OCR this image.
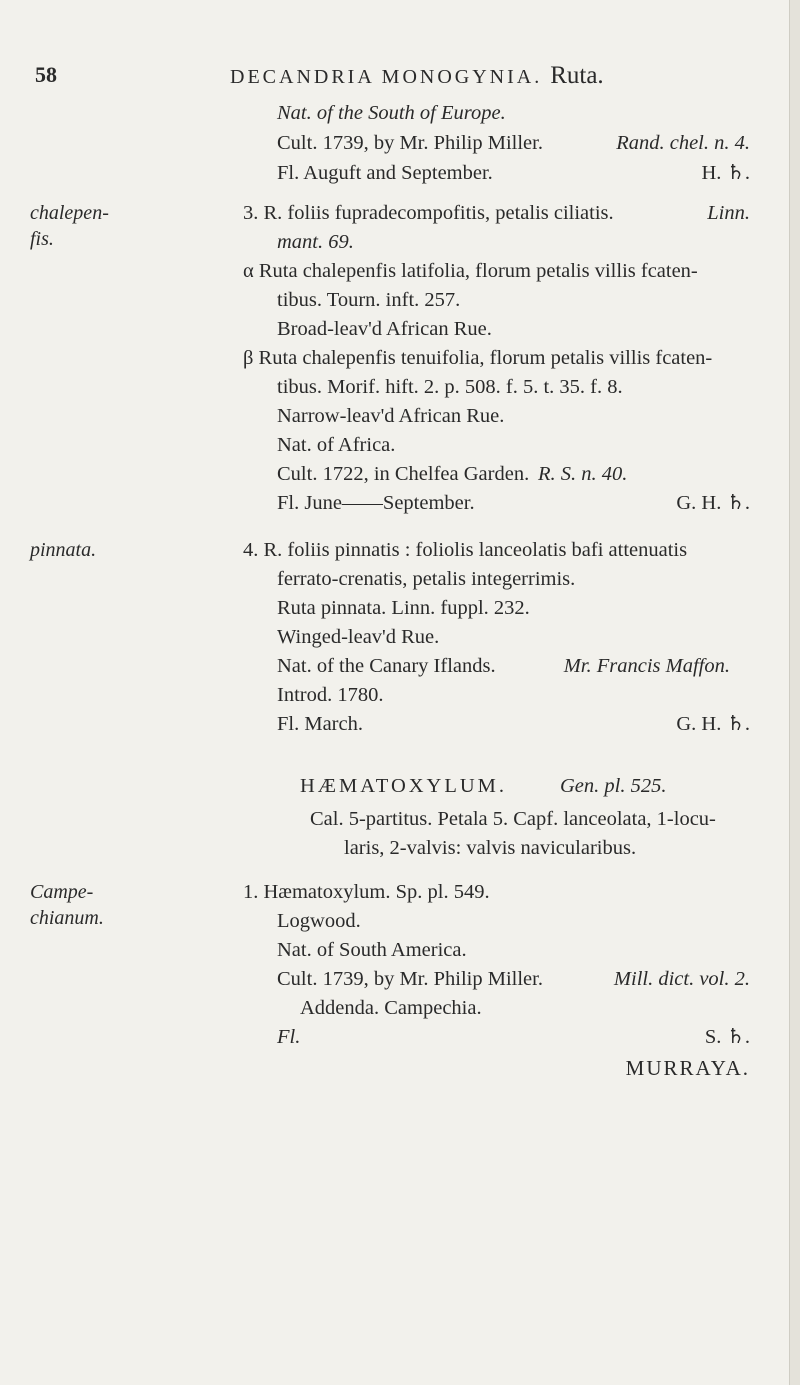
58	DECANDRIA MONOGYNIA. Ruta.
Nat. of the South of Europe.
Cult. 1739, by Mr. Philip Miller.	Rand. chel. n. 4.
Fl. Auguft and September.	H. ♄.
chalepen-
fis.
3. R. foliis fupradecompofitis, petalis ciliatis.	Linn.
mant. 69.
α Ruta chalepenfis latifolia, florum petalis villis fcaten-
tibus. Tourn. inft. 257.
Broad-leav'd African Rue.
β Ruta chalepenfis tenuifolia, florum petalis villis fcaten-
tibus. Morif. hift. 2. p. 508. f. 5. t. 35. f. 8.
Narrow-leav'd African Rue.
Nat. of Africa.
Cult. 1722, in Chelfea Garden. R. S. n. 40.
Fl. June——September.	G. H. ♄.
pinnata.	4. R. foliis pinnatis : foliolis lanceolatis bafi attenuatis
ferrato-crenatis, petalis integerrimis.
Ruta pinnata. Linn. fuppl. 232.
Winged-leav'd Rue.
Nat. of the Canary Iflands.	Mr. Francis Maffon.
Introd. 1780.
Fl. March.	G. H. ♄.
HÆMATOXYLUM.	Gen. pl. 525.
Cal. 5-partitus. Petala 5. Capf. lanceolata, 1-locu-
laris, 2-valvis: valvis navicularibus.
Campe-
chianum.
1. Hæmatoxylum. Sp. pl. 549.
Logwood.
Nat. of South America.
Cult. 1739, by Mr. Philip Miller.	Mill. dict. vol. 2.
Addenda. Campechia.
Fl.	S. ♄.
MURRAYA.
